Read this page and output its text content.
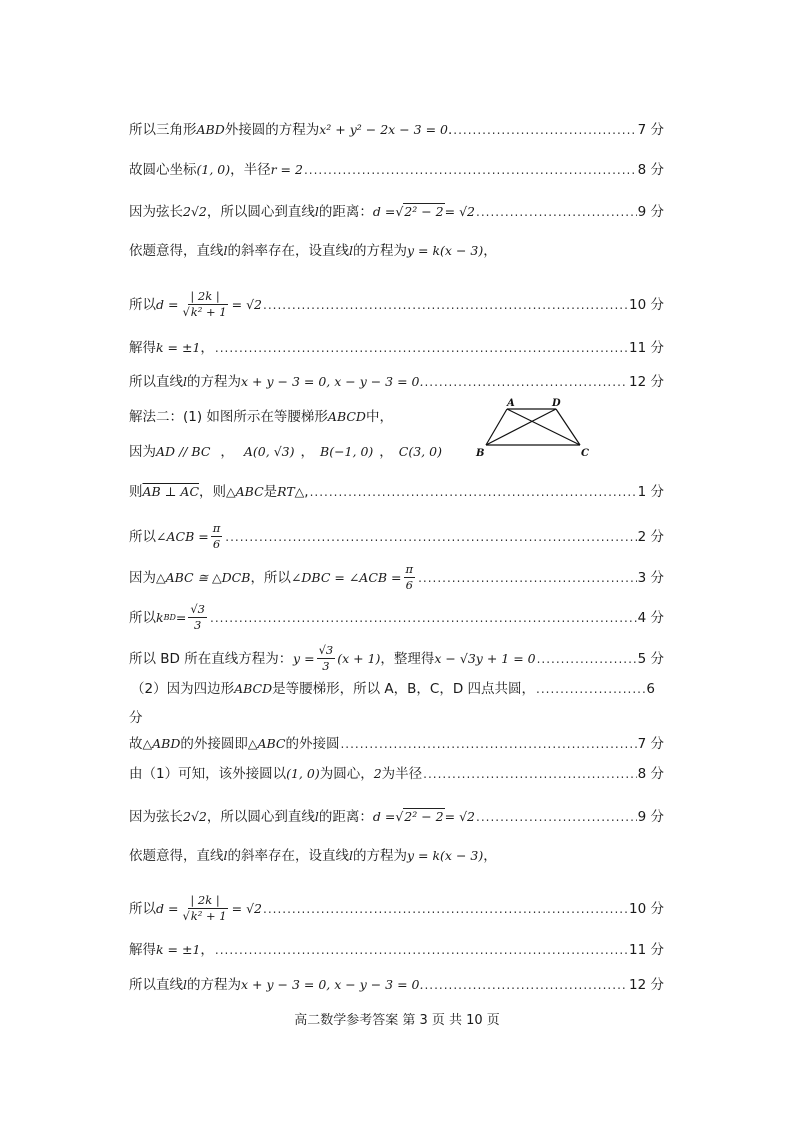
所以三角形 ABD 外接圆的方程为 x² + y² − 2x − 3 = 0 . .....	7 分
故圆心坐标 (1, 0) ，半径 r = 2 .....	8 分
因为弦长 2√2 ，所以圆心到直线 l 的距离： d = √2² − 2 = √2 .....	9 分
依题意得，直线 l 的斜率存在，设直线 l 的方程为 y = k(x − 3) ，
所以 $d = \frac{| 2k |}{\text{√k² + 1}} = √2$ .....	10 分
解得 k = ±1 ， .....	11 分
所以直线 l 的方程为 x + y − 3 = 0, x − y − 3 = 0. .....	12 分
解法二：(1) 如图所示在等腰梯形 ABCD 中，
A	D
B	C
因为 AD // BC ， A(0, √3) ， B(−1, 0) ， C(3, 0)
则 AB ⊥ AC ，则 △ABC 是 RT△ , .....	1 分
所以 ∠ACB = $\frac{\pi}{6}$ .....	2 分
因为 △ABC ≅ △DCB ，所以 ∠DBC = ∠ACB = $\frac{\pi}{6}$ .....	3 分
所以 k BD = $\frac{√3}{3}$ .....	4 分
所以 BD 所在直线方程为： $y = \frac{√3}{3} (x + 1)$ ，整理得 x − √3y + 1 = 0 .....	5 分
（2）因为四边形 ABCD 是等腰梯形，所以 A，B，C，D 四点共圆， .....	6
分
故 △ABD 的外接圆即 △ABC 的外接圆 .....	7 分
由（1）可知，该外接圆以 (1, 0) 为圆心， 2 为半径 .....	8 分
因为弦长 2√2 ，所以圆心到直线 l 的距离： d = √2² − 2 = √2 .....	9 分
依题意得，直线 l 的斜率存在，设直线 l 的方程为 y = k(x − 3) ，
所以 $d = \frac{| 2k |}{\text{√k² + 1}} = √2$ .....	10 分
解得 k = ±1 ， .....	11 分
所以直线 l 的方程为 x + y − 3 = 0, x − y − 3 = 0. .....	12 分
高二数学参考答案 第 3 页 共 10 页
